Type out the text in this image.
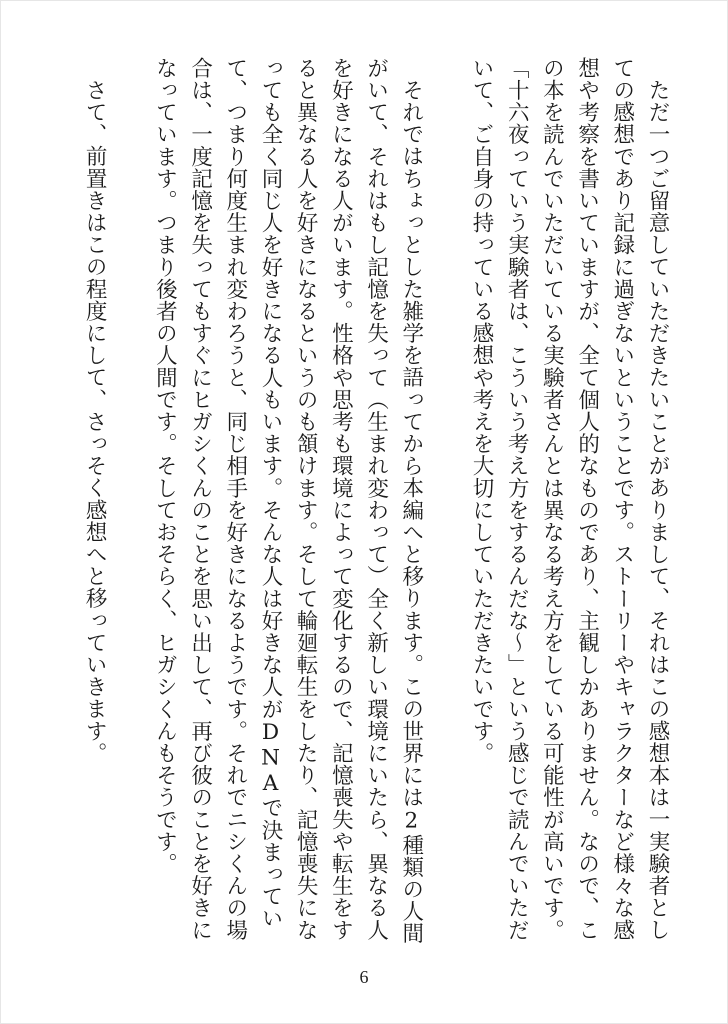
ただ一つご留意していただきたいことがありまして、それはこの感想本は一実験者としての感想であり記録に過ぎないということです。ストーリーやキャラクターなど様々な感想や考察を書いていますが、全て個人的なものであり、主観しかありません。なので、この本を読んでいただいている実験者さんとは異なる考え方をしている可能性が高いです。「十六夜っていう実験者は、こういう考え方をするんだな〜」という感じで読んでいただいて、ご自身の持っている感想や考えを大切にしていただきたいです。

それではちょっとした雑学を語ってから本編へと移ります。この世界には2種類の人間がいて、それはもし記憶を失って（生まれ変わって）全く新しい環境にいたら、異なる人を好きになる人がいます。性格や思考も環境によって変化するので、記憶喪失や転生をすると異なる人を好きになるというのも頷けます。そして輪廻転生をしたり、記憶喪失になっても全く同じ人を好きになる人もいます。そんな人は好きな人がDNAで決まっていて、つまり何度生まれ変わろうと、同じ相手を好きになるようです。それでニシくんの場合は、一度記憶を失ってもすぐにヒガシくんのことを思い出して、再び彼のことを好きになっています。つまり後者の人間です。そしておそらく、ヒガシくんもそうです。

さて、前置きはこの程度にして、さっそく感想へと移っていきます。

6
